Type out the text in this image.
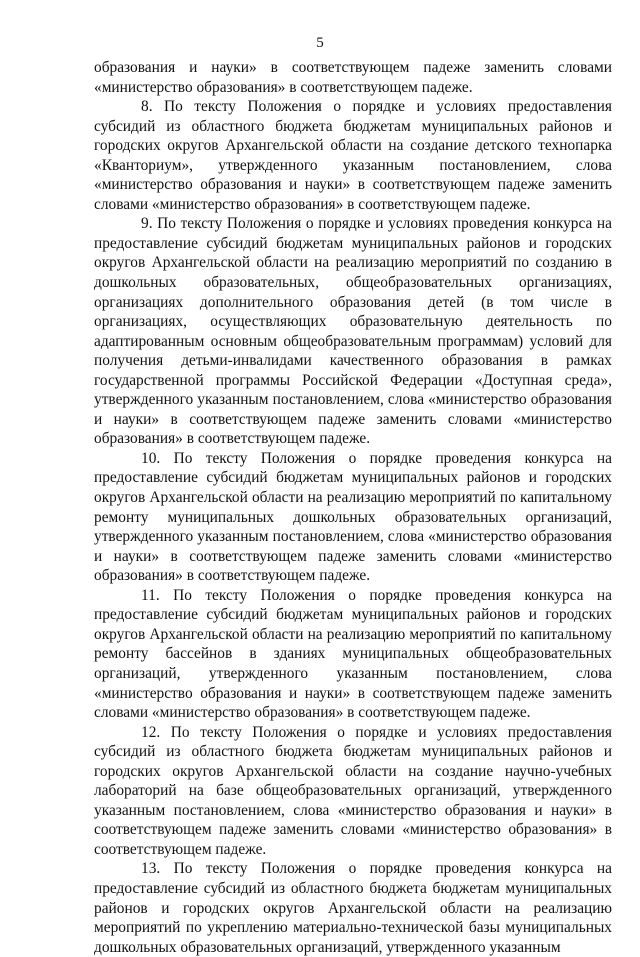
5

образования и науки» в соответствующем падеже заменить словами «министерство образования» в соответствующем падеже.

8. По тексту Положения о порядке и условиях предоставления субсидий из областного бюджета бюджетам муниципальных районов и городских округов Архангельской области на создание детского технопарка «Кванториум», утвержденного указанным постановлением, слова «министерство образования и науки» в соответствующем падеже заменить словами «министерство образования» в соответствующем падеже.

9. По тексту Положения о порядке и условиях проведения конкурса на предоставление субсидий бюджетам муниципальных районов и городских округов Архангельской области на реализацию мероприятий по созданию в дошкольных образовательных, общеобразовательных организациях, организациях дополнительного образования детей (в том числе в организациях, осуществляющих образовательную деятельность по адаптированным основным общеобразовательным программам) условий для получения детьми-инвалидами качественного образования в рамках государственной программы Российской Федерации «Доступная среда», утвержденного указанным постановлением, слова «министерство образования и науки» в соответствующем падеже заменить словами «министерство образования» в соответствующем падеже.

10. По тексту Положения о порядке проведения конкурса на предоставление субсидий бюджетам муниципальных районов и городских округов Архангельской области на реализацию мероприятий по капитальному ремонту муниципальных дошкольных образовательных организаций, утвержденного указанным постановлением, слова «министерство образования и науки» в соответствующем падеже заменить словами «министерство образования» в соответствующем падеже.

11. По тексту Положения о порядке проведения конкурса на предоставление субсидий бюджетам муниципальных районов и городских округов Архангельской области на реализацию мероприятий по капитальному ремонту бассейнов в зданиях муниципальных общеобразовательных организаций, утвержденного указанным постановлением, слова «министерство образования и науки» в соответствующем падеже заменить словами «министерство образования» в соответствующем падеже.

12. По тексту Положения о порядке и условиях предоставления субсидий из областного бюджета бюджетам муниципальных районов и городских округов Архангельской области на создание научно-учебных лабораторий на базе общеобразовательных организаций, утвержденного указанным постановлением, слова «министерство образования и науки» в соответствующем падеже заменить словами «министерство образования» в соответствующем падеже.

13. По тексту Положения о порядке проведения конкурса на предоставление субсидий из областного бюджета бюджетам муниципальных районов и городских округов Архангельской области на реализацию мероприятий по укреплению материально-технической базы муниципальных дошкольных образовательных организаций, утвержденного указанным
